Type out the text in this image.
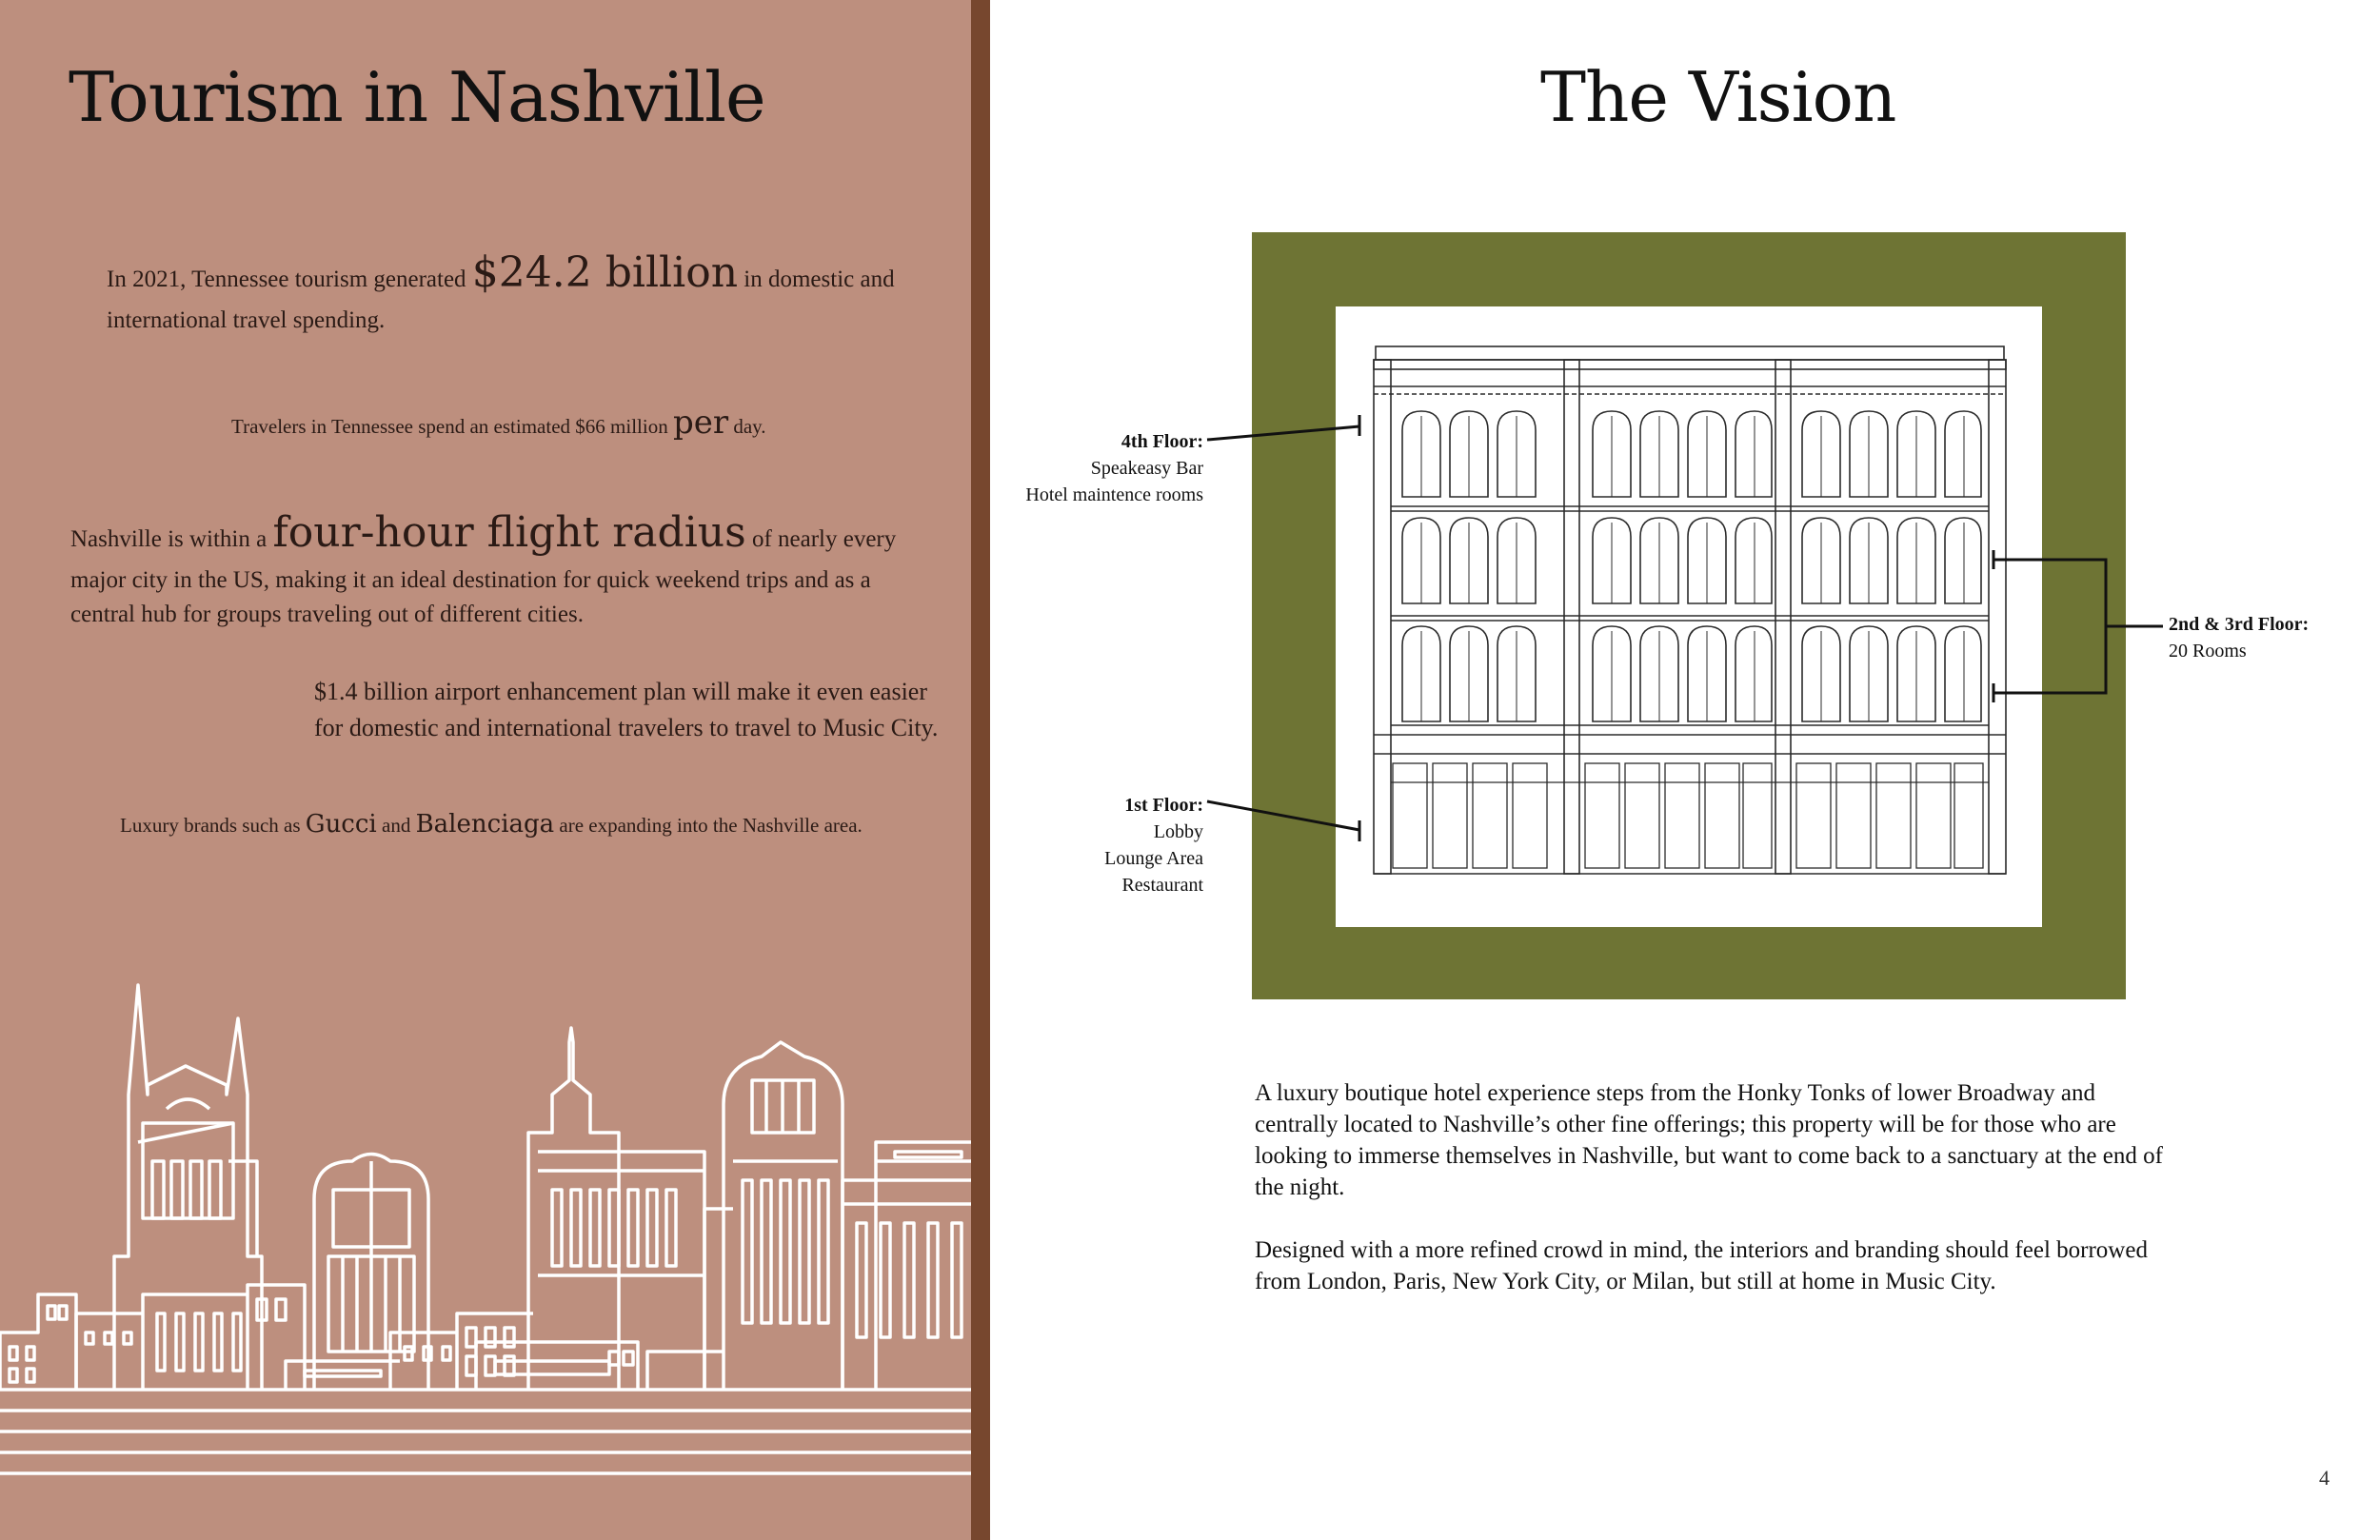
Tourism in Nashville
In 2021, Tennessee tourism generated $24.2 billion in domestic and international travel spending.
Travelers in Tennessee spend an estimated $66 million per day.
Nashville is within a four-hour flight radius of nearly every major city in the US, making it an ideal destination for quick weekend trips and as a central hub for groups traveling out of different cities.
$1.4 billion airport enhancement plan will make it even easier for domestic and international travelers to travel to Music City.
Luxury brands such as Gucci and Balenciaga are expanding into the Nashville area.
The Vision
4th Floor:
Speakeasy Bar
Hotel maintence rooms
1st Floor:
Lobby
Lounge Area
Restaurant
2nd & 3rd Floor:
20 Rooms

A luxury boutique hotel experience steps from the Honky Tonks of lower Broadway and centrally located to Nashville’s other fine offerings; this property will be for those who are looking to immerse themselves in Nashville, but want to come back to a sanctuary at the end of the night.

Designed with a more refined crowd in mind, the interiors and branding should feel borrowed from London, Paris, New York City, or Milan, but still at home in Music City.

4
